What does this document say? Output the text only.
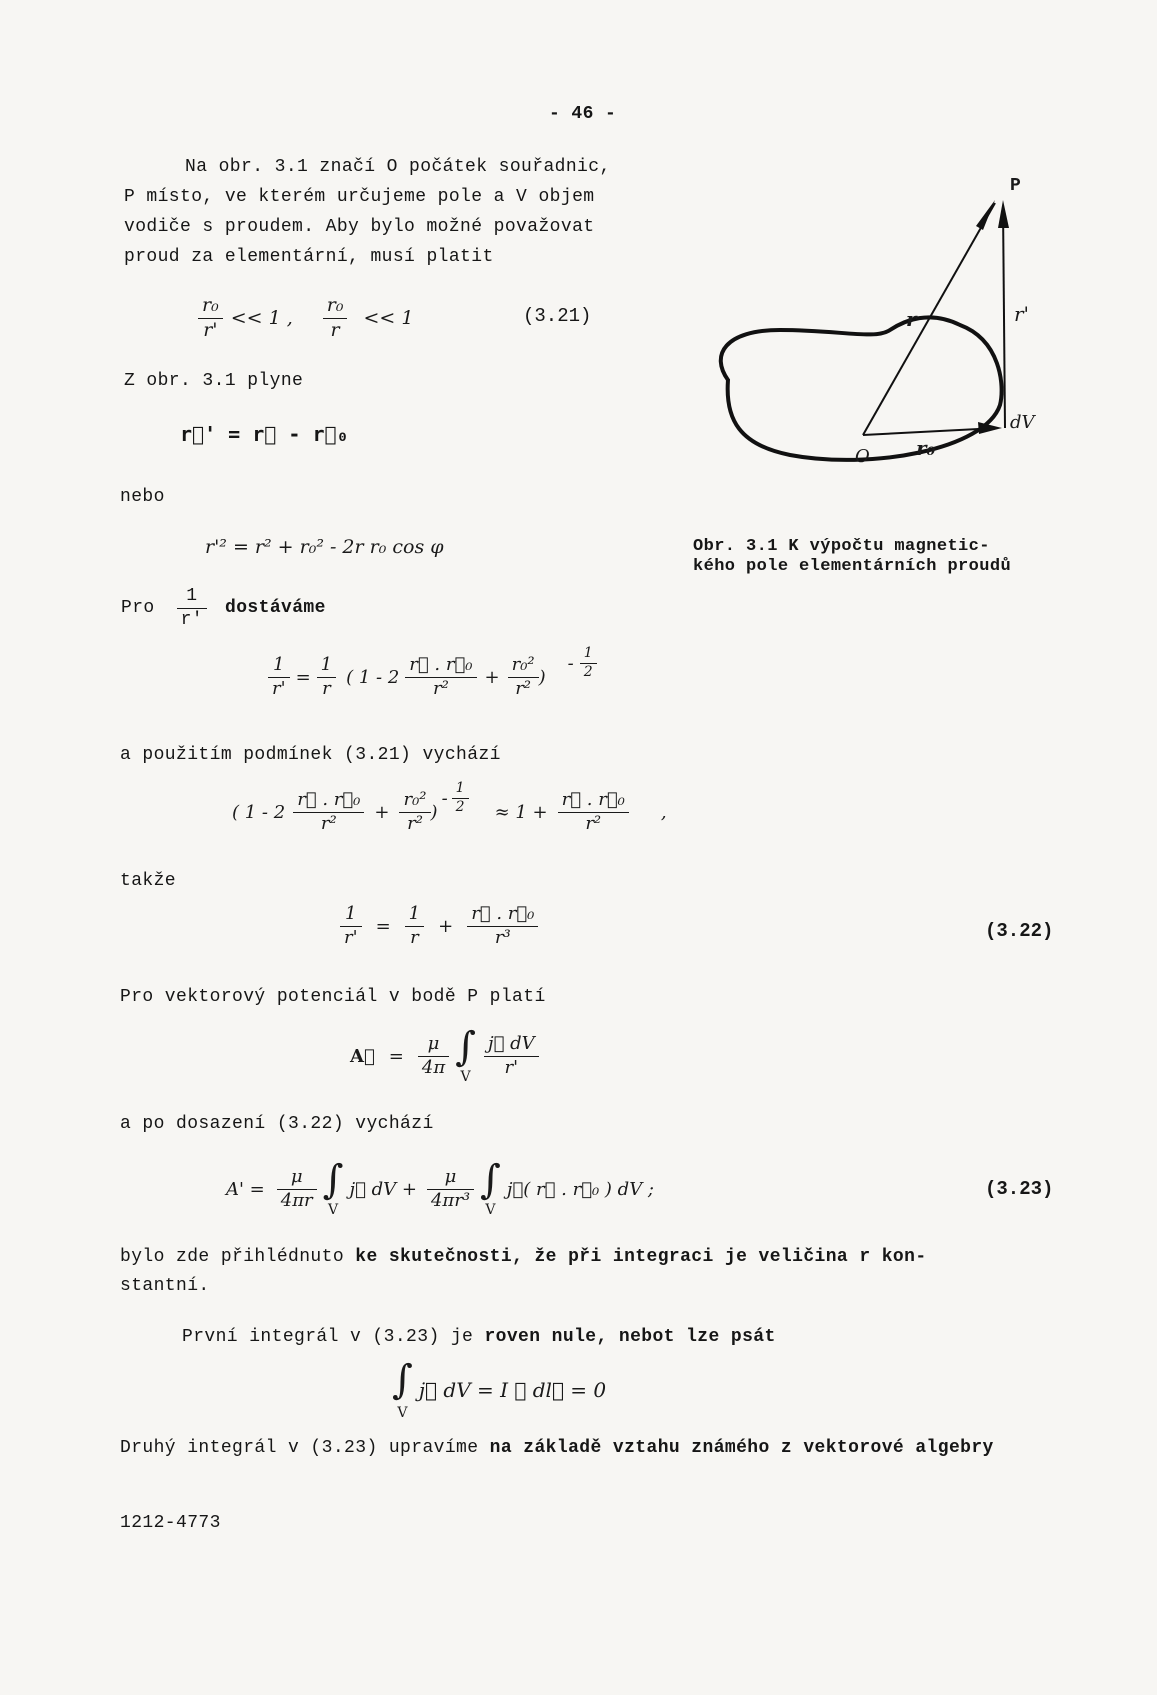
- 46 -
Na obr. 3.1 značí O počátek souřadnic,
P místo, ve kterém určujeme pole a V objem
vodiče s proudem. Aby bylo možné považovat
proud za elementární, musí platit
$\frac{\text{r₀}}{r'} << 1$ , $\frac{\text{r₀}}{r} << 1$	(3.21)
Z obr. 3.1 plyne
r⃗' = r⃗ - r⃗₀
nebo
r'² = r² + r₀² - 2r r₀ cos φ
Pro $\frac{1}{r'}$ dostáváme
$\frac{1}{r'} = \frac{1}{r}$ ( $1 - 2 \frac{\text{r⃗ . r⃗₀}}{\text{r²}} + \frac{\text{r₀²}}{\text{r²}}$ )
- $\frac{1}{2}$
a použitím podmínek (3.21) vychází
( $1 - 2 \frac{\text{r⃗ . r⃗₀}}{\text{r²}} + \frac{\text{r₀²}}{\text{r²}}$ )
- $\frac{1}{2} \approx 1 + \frac{\text{r⃗ . r⃗₀}}{\text{r²}}$ ,
takže
$\frac{1}{r'} = \frac{1}{r} + \frac{\text{r⃗ . r⃗₀}}{\text{r³}}$	(3.22)
Pro vektorový potenciál v bodě P platí
A⃗ = $\frac{\mu}{4\pi}$ ∫
V $\frac{j⃗ dV}{r'}$
a po dosazení (3.22) vychází
$A' = \frac{\mu}{4\pi r}$ ∫
V
j⃗ dV + $\frac{\mu}{\text{4πr³}}$ ∫
V
j⃗( r⃗ . r⃗₀ ) dV ;	(3.23)
bylo zde přihlédnuto ke skutečnosti, že při integraci je veličina r kon-
stantní.
První integrál v (3.23) je roven nule, nebot lze psát
∫
V
j⃗ dV = I ∮ dl⃗ = 0
Druhý integrál v (3.23) upravíme na základě vztahu známého z vektorové algebry
1212-4773
P
r	r'
dV
O r₀
Obr. 3.1 K výpočtu magnetic-
kého pole elementárních proudů
